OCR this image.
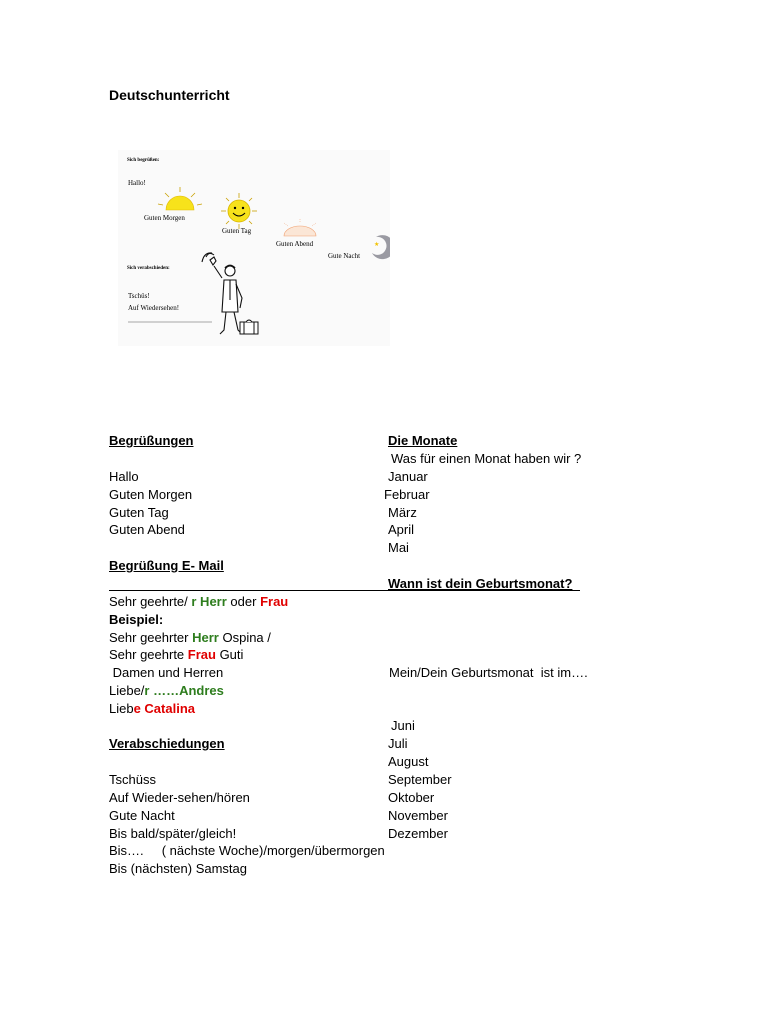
Deutschunterricht
Sich begrüßen:
Hallo!
Guten Morgen
Guten Tag
Guten Abend	★
Gute Nacht
Sich verabschieden:
Tschüs!
Auf Wiedersehen!
Begrüßungen
Hallo
Guten Morgen
Guten Tag
Guten Abend
Die Monate
Was für einen Monat haben wir ?
Januar
Februar
März
April
Mai
Begrüßung E- Mail
Wann ist dein Geburtsmonat?
Sehr geehrte/ r Herr oder Frau
Beispiel:
Sehr geehrter Herr Ospina /
Sehr geehrte Frau Guti
Damen und Herren
Liebe/r ……Andres
Liebe Catalina
Mein/Dein Geburtsmonat  ist im….
Juni
Juli
August
September
Oktober
November
Dezember
Verabschiedungen
Tschüss
Auf Wieder-sehen/hören
Gute Nacht
Bis bald/später/gleich!
Bis….     ( nächste Woche)/morgen/übermorgen
Bis (nächsten) Samstag
